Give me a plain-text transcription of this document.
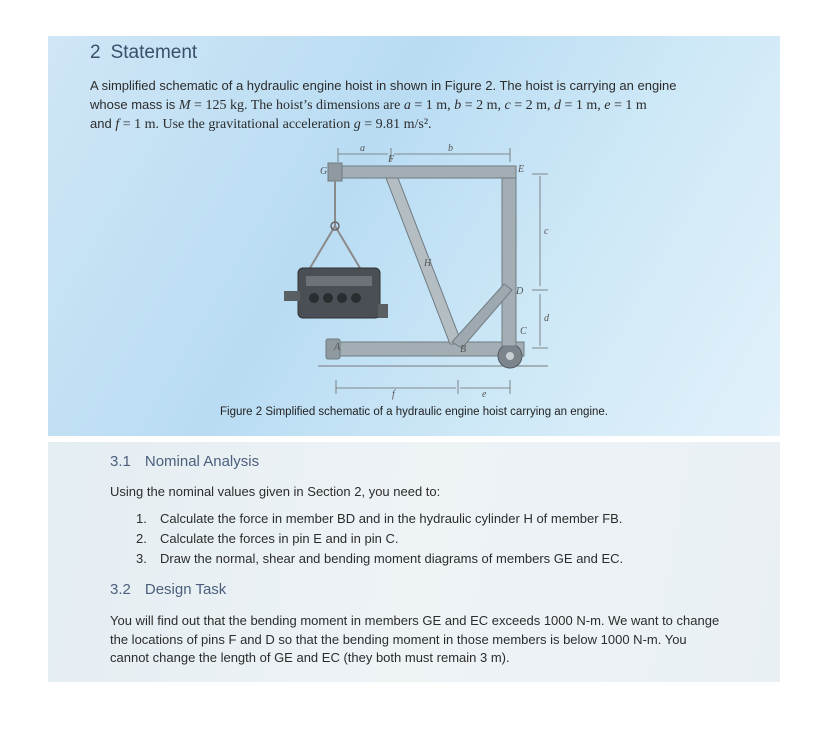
2 Statement
A simplified schematic of a hydraulic engine hoist in shown in Figure 2. The hoist is carrying an engine
whose mass is M = 125 kg. The hoist’s dimensions are a = 1 m, b = 2 m, c = 2 m, d = 1 m, e = 1 m
and f = 1 m. Use the gravitational acceleration g = 9.81 m/s².
G
F
E
H
D
C
B
A
a	b
c
d
e
f
Figure 2 Simplified schematic of a hydraulic engine hoist carrying an engine.
3.1 Nominal Analysis
Using the nominal values given in Section 2, you need to:
1. Calculate the force in member BD and in the hydraulic cylinder H of member FB.
2. Calculate the forces in pin E and in pin C.
3. Draw the normal, shear and bending moment diagrams of members GE and EC.
3.2 Design Task
You will find out that the bending moment in members GE and EC exceeds 1000 N-m. We want to change
the locations of pins F and D so that the bending moment in those members is below 1000 N-m. You
cannot change the length of GE and EC (they both must remain 3 m).
